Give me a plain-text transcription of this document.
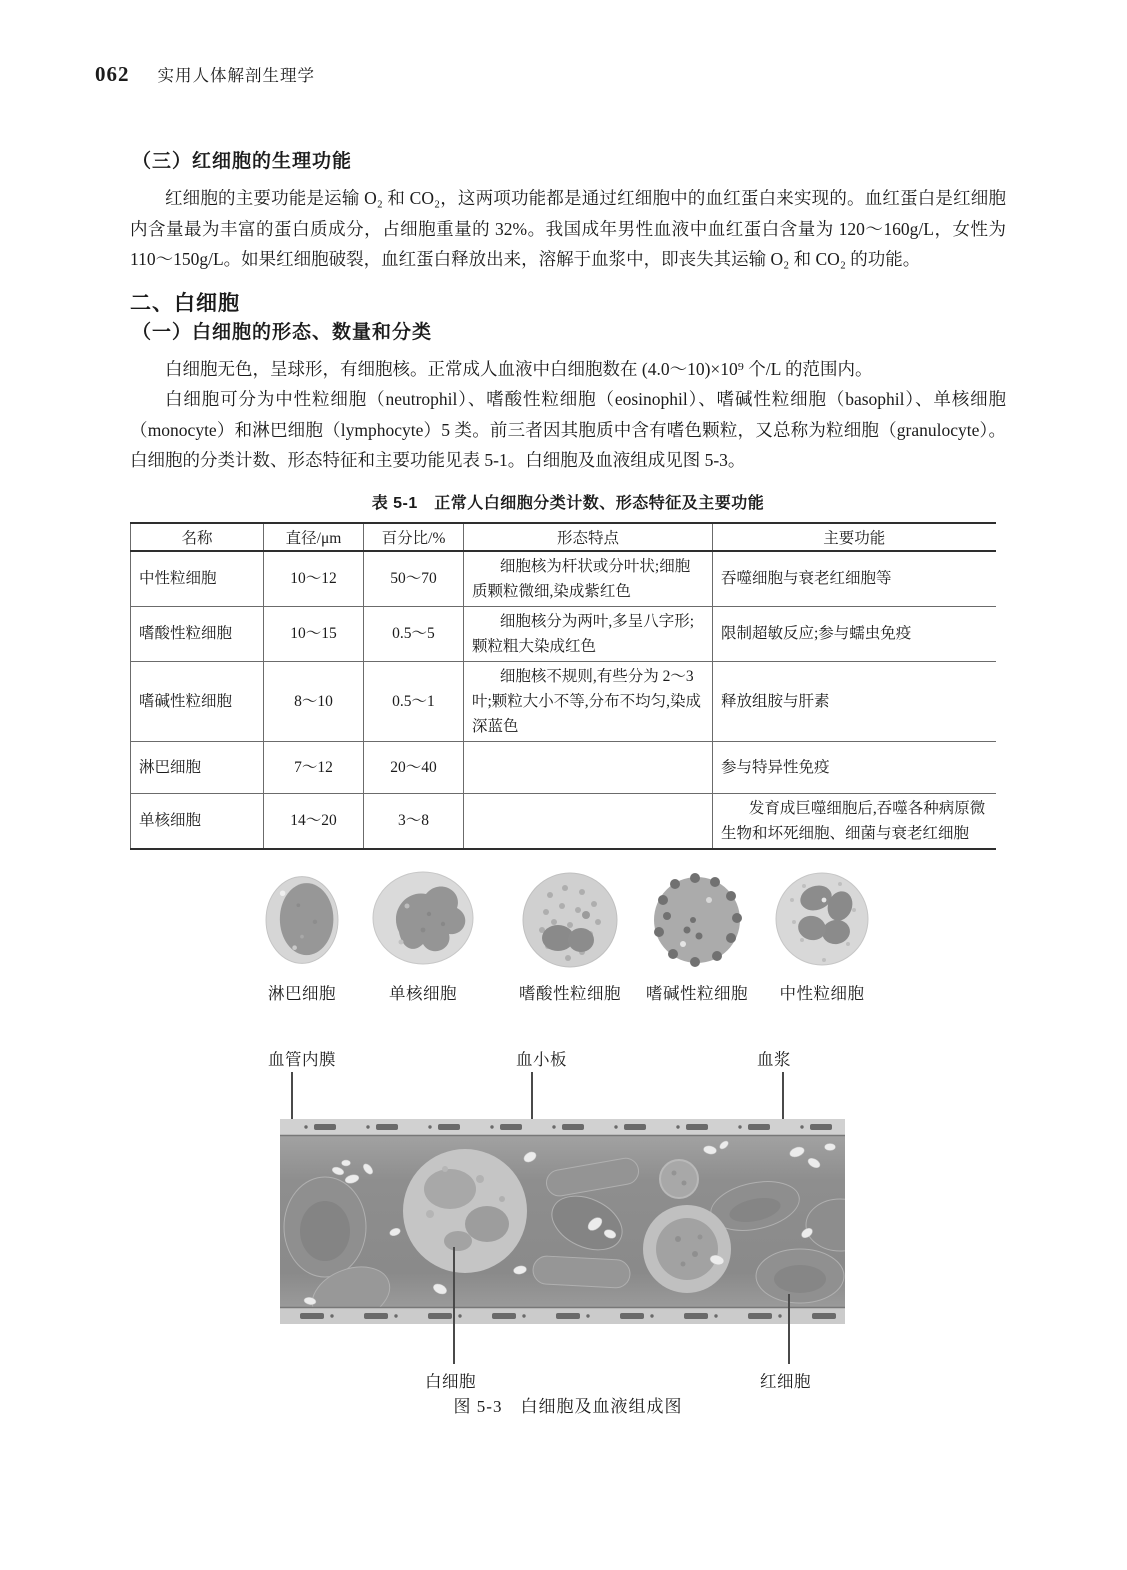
062 实用人体解剖生理学
（三）红细胞的生理功能

红细胞的主要功能是运输 O₂ 和 CO₂，这两项功能都是通过红细胞中的血红蛋白来实现的。血红蛋白是红细胞内含量最为丰富的蛋白质成分，占细胞重量的 32%。我国成年男性血液中血红蛋白含量为 120～160g/L，女性为 110～150g/L。如果红细胞破裂，血红蛋白释放出来，溶解于血浆中，即丧失其运输 O₂ 和 CO₂ 的功能。

二、白细胞
（一）白细胞的形态、数量和分类

白细胞无色，呈球形，有细胞核。正常成人血液中白细胞数在 (4.0～10)×10⁹ 个/L 的范围内。

白细胞可分为中性粒细胞（neutrophil）、嗜酸性粒细胞（eosinophil）、嗜碱性粒细胞（basophil）、单核细胞（monocyte）和淋巴细胞（lymphocyte）5 类。前三者因其胞质中含有嗜色颗粒，又总称为粒细胞（granulocyte）。白细胞的分类计数、形态特征和主要功能见表 5-1。白细胞及血液组成见图 5-3。

表 5-1　正常人白细胞分类计数、形态特征及主要功能
名称	直径/μm	百分比/%	形态特点	主要功能
中性粒细胞	10～12	50～70	细胞核为杆状或分叶状;细胞质颗粒微细,染成紫红色	吞噬细胞与衰老红细胞等
嗜酸性粒细胞	10～15	0.5～5	细胞核分为两叶,多呈八字形;颗粒粗大染成红色	限制超敏反应;参与蠕虫免疫
嗜碱性粒细胞	8～10	0.5～1	细胞核不规则,有些分为 2～3 叶;颗粒大小不等,分布不均匀,染成深蓝色	释放组胺与肝素
淋巴细胞	7～12	20～40		参与特异性免疫
单核细胞	14～20	3～8		发育成巨噬细胞后,吞噬各种病原微生物和坏死细胞、细菌与衰老红细胞
淋巴细胞	单核细胞	嗜酸性粒细胞	嗜碱性粒细胞	中性粒细胞
血管内膜	血小板	血浆
白细胞	红细胞
图 5-3　白细胞及血液组成图
